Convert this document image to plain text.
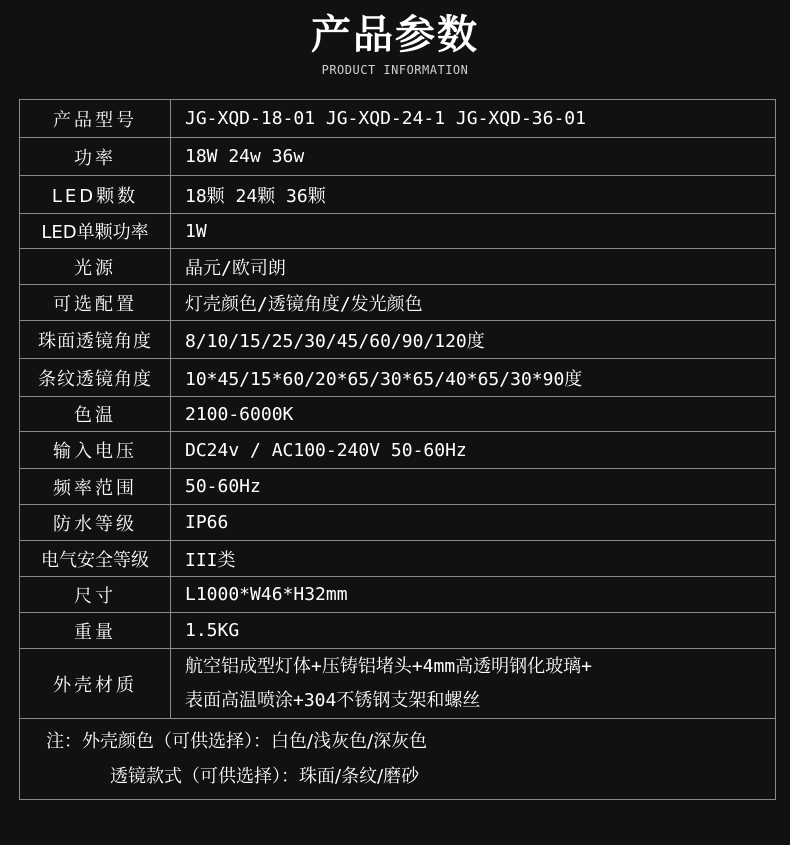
产品参数
PRODUCT INFORMATION
产品型号	JG-XQD-18-01 JG-XQD-24-1 JG-XQD-36-01
功率	18W 24w 36w
LED颗数	18颗 24颗 36颗
LED单颗功率	1W
光源	晶元/欧司朗
可选配置	灯壳颜色/透镜角度/发光颜色
珠面透镜角度	8/10/15/25/30/45/60/90/120度
条纹透镜角度	10*45/15*60/20*65/30*65/40*65/30*90度
色温	2100-6000K
输入电压	DC24v / AC100-240V 50-60Hz
频率范围	50-60Hz
防水等级	IP66
电气安全等级	III类
尺寸	L1000*W46*H32mm
重量	1.5KG
外壳材质	航空铝成型灯体+压铸铝堵头+4mm高透明钢化玻璃+
表面高温喷涂+304不锈钢支架和螺丝

注：外壳颜色（可供选择）：白色/浅灰色/深灰色
透镜款式（可供选择）：珠面/条纹/磨砂	
